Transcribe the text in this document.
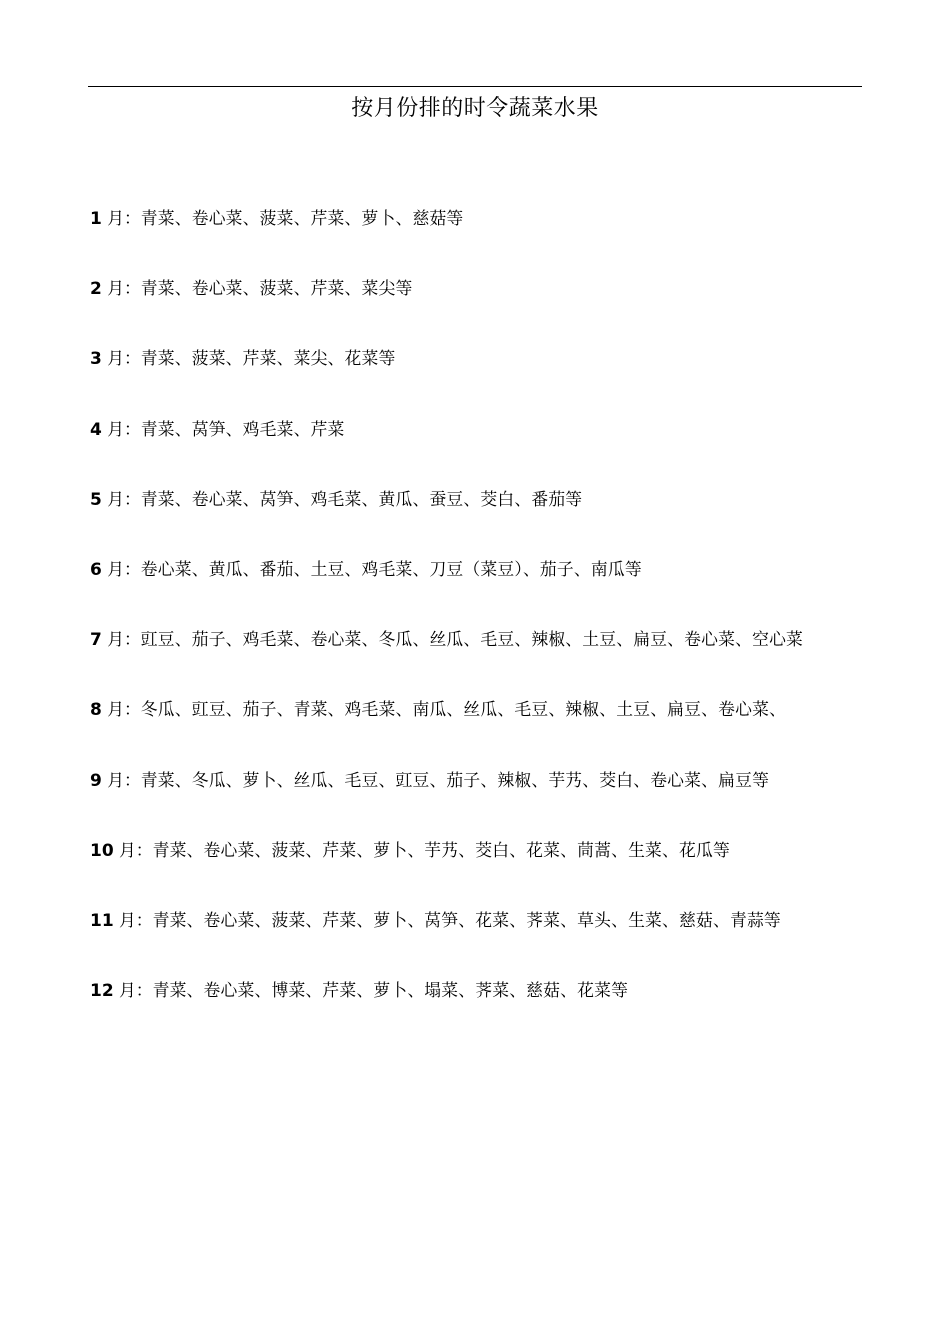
按月份排的时令蔬菜水果
1 月：青菜、卷心菜、菠菜、芹菜、萝卜、慈菇等
2 月：青菜、卷心菜、菠菜、芹菜、菜尖等
3 月：青菜、菠菜、芹菜、菜尖、花菜等
4 月：青菜、莴笋、鸡毛菜、芹菜
5 月：青菜、卷心菜、莴笋、鸡毛菜、黄瓜、蚕豆、茭白、番茄等
6 月：卷心菜、黄瓜、番茄、土豆、鸡毛菜、刀豆（菜豆）、茄子、南瓜等
7 月：豇豆、茄子、鸡毛菜、卷心菜、冬瓜、丝瓜、毛豆、辣椒、土豆、扁豆、卷心菜、空心菜
8 月：冬瓜、豇豆、茄子、青菜、鸡毛菜、南瓜、丝瓜、毛豆、辣椒、土豆、扁豆、卷心菜、
9 月：青菜、冬瓜、萝卜、丝瓜、毛豆、豇豆、茄子、辣椒、芋艿、茭白、卷心菜、扁豆等
10 月：青菜、卷心菜、菠菜、芹菜、萝卜、芋艿、茭白、花菜、茼蒿、生菜、花瓜等
11 月：青菜、卷心菜、菠菜、芹菜、萝卜、莴笋、花菜、荠菜、草头、生菜、慈菇、青蒜等
12 月：青菜、卷心菜、博菜、芹菜、萝卜、塌菜、荠菜、慈菇、花菜等
